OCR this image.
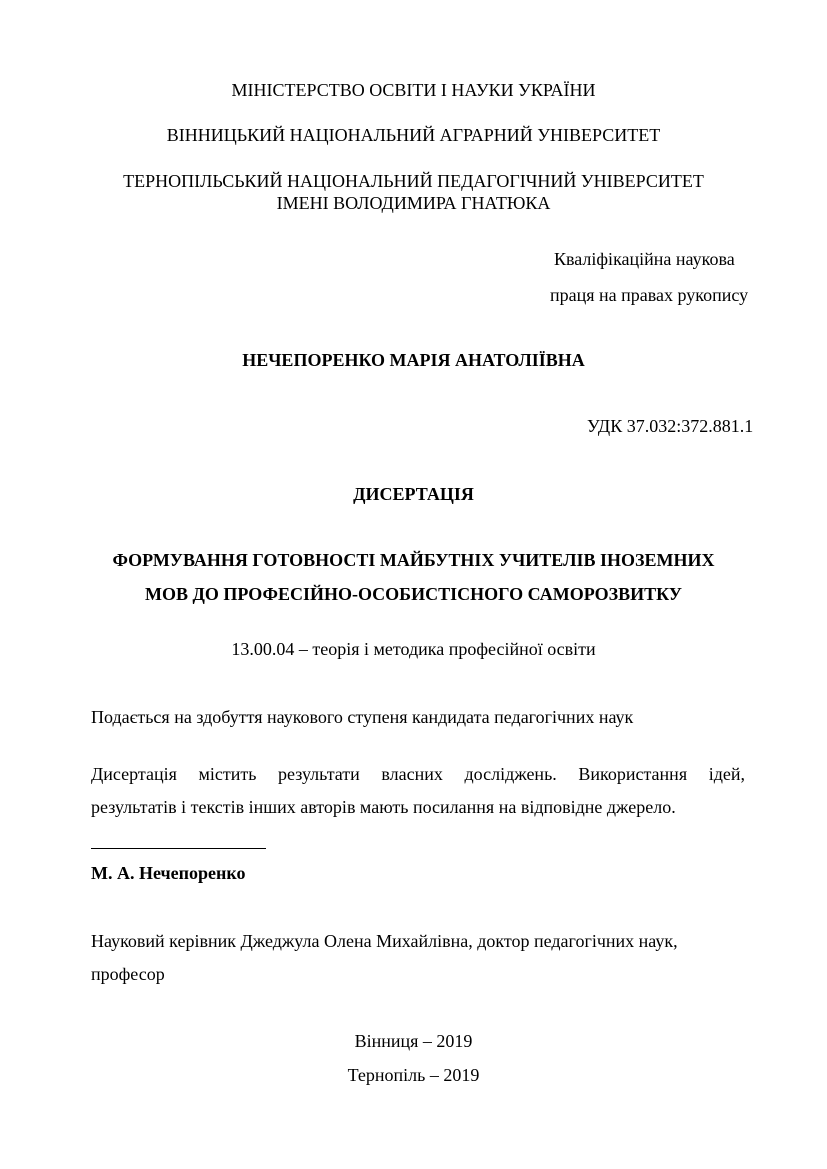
МІНІСТЕРСТВО ОСВІТИ І НАУКИ УКРАЇНИ
ВІННИЦЬКИЙ НАЦІОНАЛЬНИЙ АГРАРНИЙ УНІВЕРСИТЕТ
ТЕРНОПІЛЬСЬКИЙ НАЦІОНАЛЬНИЙ ПЕДАГОГІЧНИЙ УНІВЕРСИТЕТ
ІМЕНІ ВОЛОДИМИРА ГНАТЮКА
Кваліфікаційна наукова
праця на правах рукопису
НЕЧЕПОРЕНКО МАРІЯ АНАТОЛІЇВНА
УДК 37.032:372.881.1
ДИСЕРТАЦІЯ
ФОРМУВАННЯ ГОТОВНОСТІ МАЙБУТНІХ УЧИТЕЛІВ ІНОЗЕМНИХ
МОВ ДО ПРОФЕСІЙНО-ОСОБИСТІСНОГО САМОРОЗВИТКУ
13.00.04 – теорія і методика професійної освіти
Подається на здобуття наукового ступеня кандидата педагогічних наук
Дисертація містить результати власних досліджень. Використання ідей,
результатів і текстів інших авторів мають посилання на відповідне джерело.
М. А. Нечепоренко
Науковий керівник Джеджула Олена Михайлівна, доктор педагогічних наук,
професор
Вінниця – 2019
Тернопіль – 2019
